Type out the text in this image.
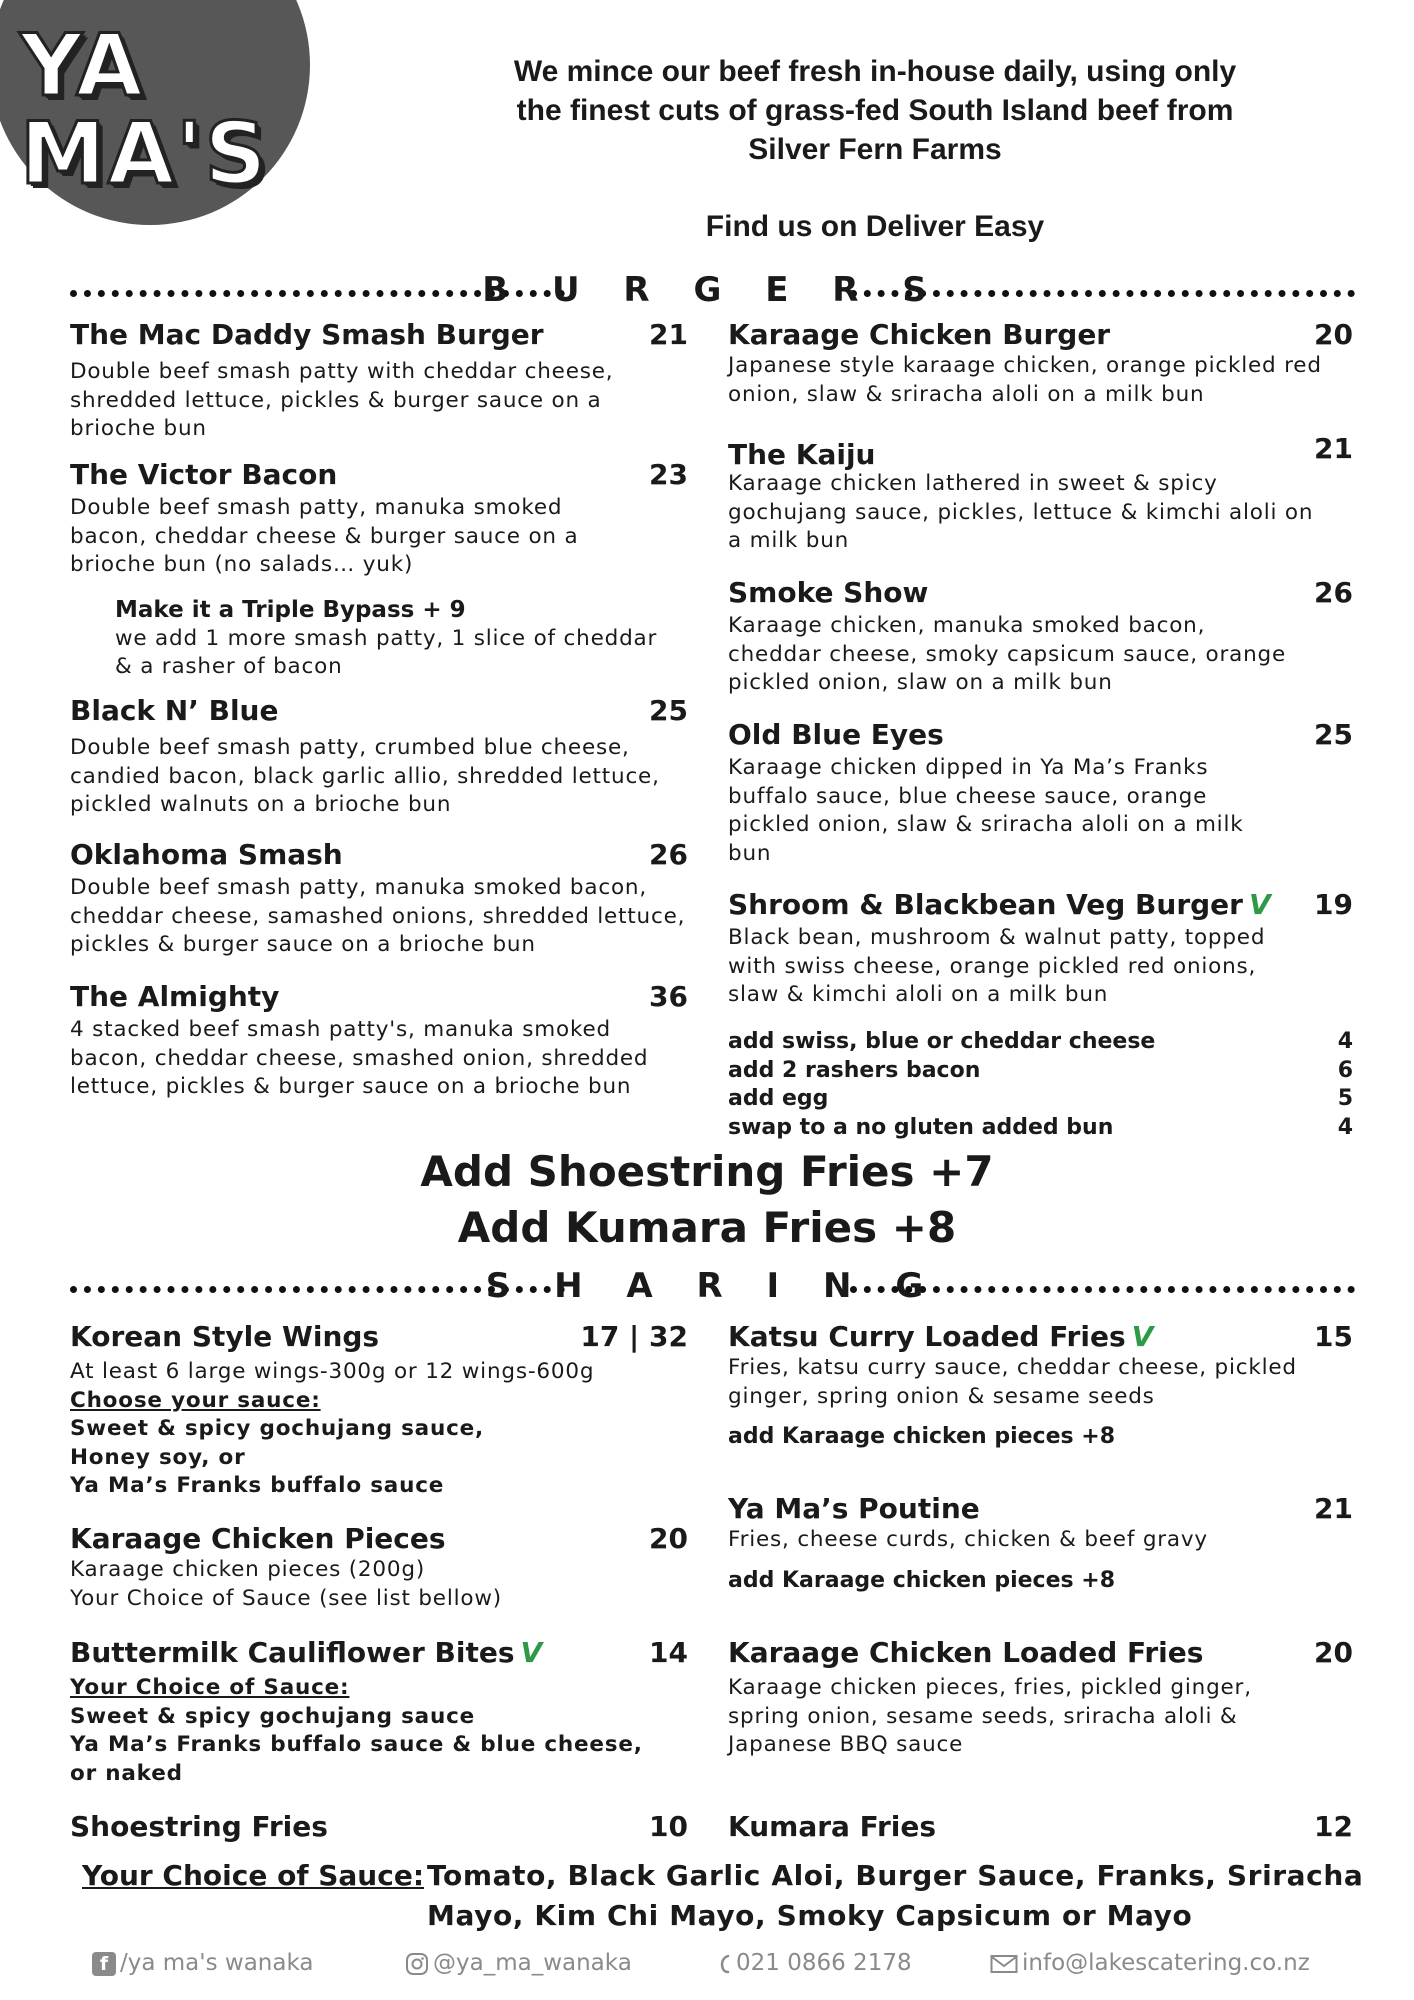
YA
MA'S
We mince our beef fresh in-house daily, using only
the finest cuts of grass-fed South Island beef from
Silver Fern Farms
Find us on Deliver Easy
B U R G E R S
The Mac Daddy Smash Burger	21
Double beef smash patty with cheddar cheese, shredded lettuce, pickles & burger sauce on a brioche bun
The Victor Bacon	23
Double beef smash patty, manuka smoked bacon, cheddar cheese & burger sauce on a brioche bun (no salads… yuk)
Make it a Triple Bypass + 9
we add 1 more smash patty, 1 slice of cheddar & a rasher of bacon
Black N’ Blue	25
Double beef smash patty, crumbed blue cheese, candied bacon, black garlic allio, shredded lettuce, pickled walnuts on a brioche bun
Oklahoma Smash	26
Double beef smash patty, manuka smoked bacon, cheddar cheese, samashed onions, shredded lettuce, pickles & burger sauce on a brioche bun
The Almighty	36
4 stacked beef smash patty's, manuka smoked bacon, cheddar cheese, smashed onion, shredded lettuce, pickles & burger sauce on a brioche bun
Karaage Chicken Burger	20
Japanese style karaage chicken, orange pickled red onion, slaw & sriracha aloli on a milk bun
The Kaiju	21
Karaage chicken lathered in sweet & spicy gochujang sauce, pickles, lettuce & kimchi aloli on a milk bun
Smoke Show	26
Karaage chicken, manuka smoked bacon, cheddar cheese, smoky capsicum sauce, orange pickled onion, slaw on a milk bun
Old Blue Eyes	25
Karaage chicken dipped in Ya Ma’s Franks buffalo sauce, blue cheese sauce, orange pickled onion, slaw & sriracha aloli on a milk bun
Shroom & Blackbean Veg Burger V 19
Black bean, mushroom & walnut patty, topped with swiss cheese, orange pickled red onions, slaw & kimchi aloli on a milk bun
add swiss, blue or cheddar cheese	4
add 2 rashers bacon	6
add egg	5
swap to a no gluten added bun	4
Add Shoestring Fries +7
Add Kumara Fries +8
S H A R I N G
Korean Style Wings	17 | 32
At least 6 large wings-300g or 12 wings-600g
Choose your sauce:
Sweet & spicy gochujang sauce,
Honey soy, or
Ya Ma’s Franks buffalo sauce
Karaage Chicken Pieces	20
Karaage chicken pieces (200g)
Your Choice of Sauce (see list bellow)
Buttermilk Cauliflower Bites V	14
Your Choice of Sauce:
Sweet & spicy gochujang sauce
Ya Ma’s Franks buffalo sauce & blue cheese, or naked
Shoestring Fries	10
Katsu Curry Loaded Fries V	15
Fries, katsu curry sauce, cheddar cheese, pickled ginger, spring onion & sesame seeds
add Karaage chicken pieces +8
Ya Ma’s Poutine	21
Fries, cheese curds, chicken & beef gravy
add Karaage chicken pieces +8
Karaage Chicken Loaded Fries	20
Karaage chicken pieces, fries, pickled ginger, spring onion, sesame seeds, sriracha aloli & Japanese BBQ sauce
Kumara Fries	12
Your Choice of Sauce: Tomato, Black Garlic Aloi, Burger Sauce, Franks, Sriracha Mayo, Kim Chi Mayo, Smoky Capsicum or Mayo
f /ya ma's wanaka	@ya_ma_wanaka	021 0866 2178	info@lakescatering.co.nz
